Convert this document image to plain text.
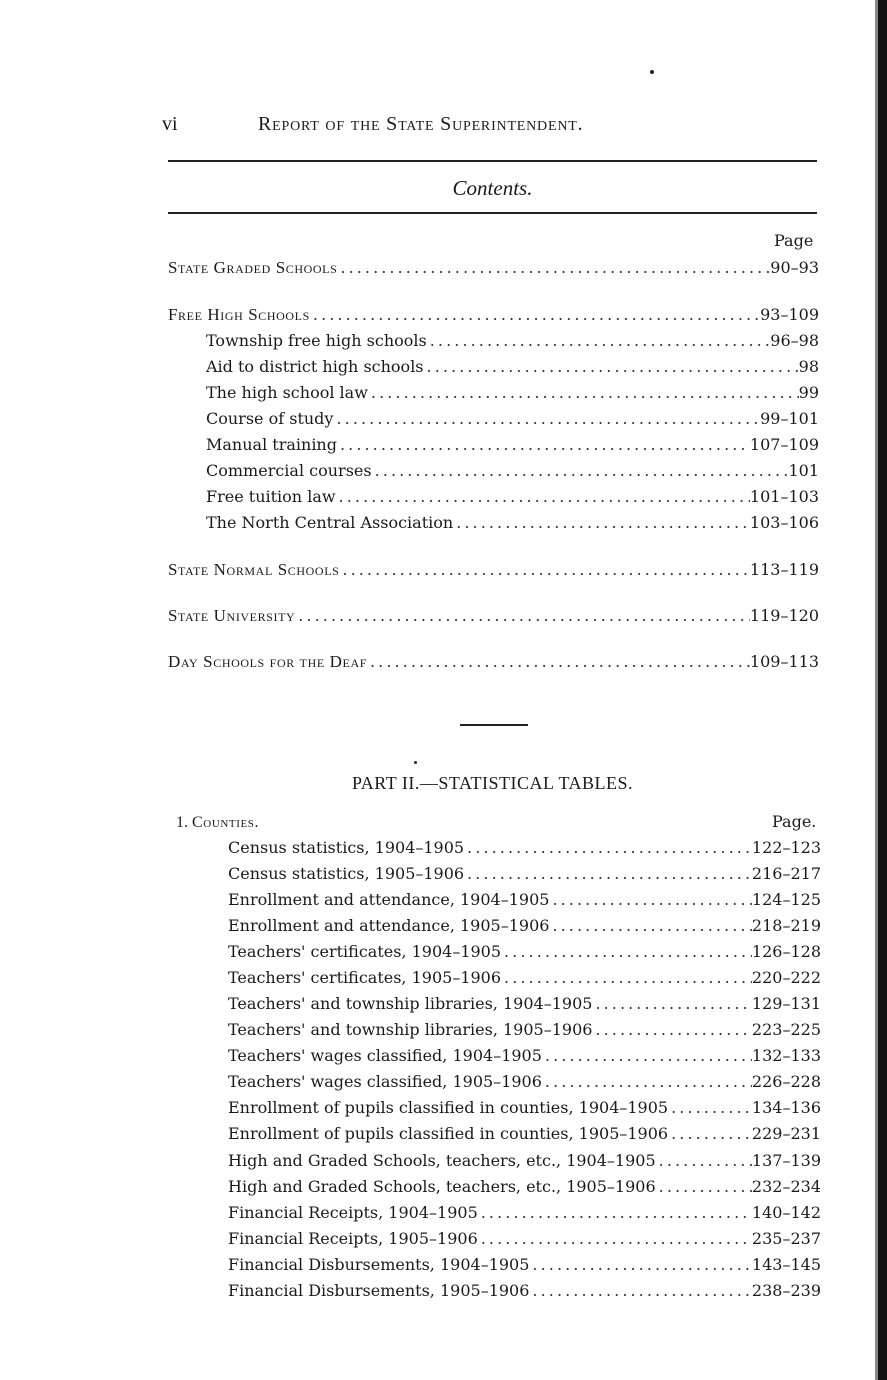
vi	Report of the State Superintendent.
Contents.
Page
State Graded Schools . . .	90–93
Free High Schools . . .	93–109
Township free high schools . . .	96–98
Aid to district high schools . . .	98
The high school law . . .	99
Course of study . . .	99–101
Manual training . . .	107–109
Commercial courses . . .	101
Free tuition law . . .	101–103
The North Central Association . . .	103–106
State Normal Schools . . .	113–119
State University . . .	119–120
Day Schools for the Deaf . . .	109–113
PART II.—STATISTICAL TABLES.
1. Counties.	Page.
Census statistics, 1904–1905 . . .	122–123
Census statistics, 1905–1906 . . .	216–217
Enrollment and attendance, 1904–1905 . . .	124–125
Enrollment and attendance, 1905–1906 . . .	218–219
Teachers' certificates, 1904–1905 . . .	126–128
Teachers' certificates, 1905–1906 . . .	220–222
Teachers' and township libraries, 1904–1905 . . .	129–131
Teachers' and township libraries, 1905–1906 . . .	223–225
Teachers' wages classified, 1904–1905 . . .	132–133
Teachers' wages classified, 1905–1906 . . .	226–228
Enrollment of pupils classified in counties, 1904–1905 . . .	134–136
Enrollment of pupils classified in counties, 1905–1906 . . .	229–231
High and Graded Schools, teachers, etc., 1904–1905 . . .	137–139
High and Graded Schools, teachers, etc., 1905–1906 . . .	232–234
Financial Receipts, 1904–1905 . . .	140–142
Financial Receipts, 1905–1906 . . .	235–237
Financial Disbursements, 1904–1905 . . .	143–145
Financial Disbursements, 1905–1906 . . .	238–239
